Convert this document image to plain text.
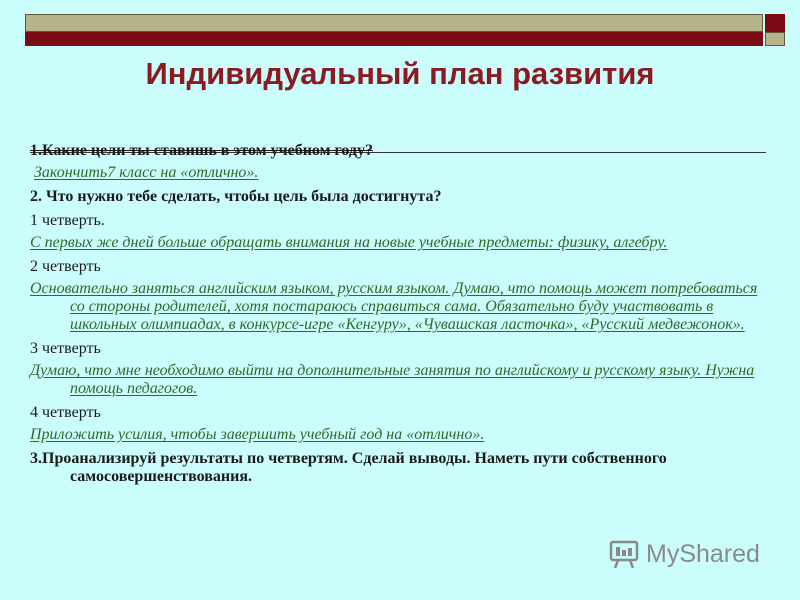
Индивидуальный план развития
1.Какие цели ты ставишь в этом учебном году?
Закончить7 класс на «отлично».
2. Что нужно тебе сделать, чтобы цель была достигнута?
1 четверть.
С первых же дней больше обращать внимания на новые учебные предметы: физику, алгебру.
2 четверть
Основательно заняться английским языком, русским языком. Думаю, что помощь может потребоваться со стороны родителей, хотя постараюсь справиться сама. Обязательно буду участвовать в школьных олимпиадах, в конкурсе-игре «Кенгуру», «Чувашская ласточка», «Русский медвежонок».
3 четверть
Думаю, что мне необходимо выйти на дополнительные занятия по английскому и русскому языку. Нужна помощь педагогов.
4 четверть
Приложить усилия, чтобы завершить учебный год на «отлично».
3.Проанализируй результаты по четвертям. Сделай выводы. Наметь пути собственного самосовершенствования.
MyShared
